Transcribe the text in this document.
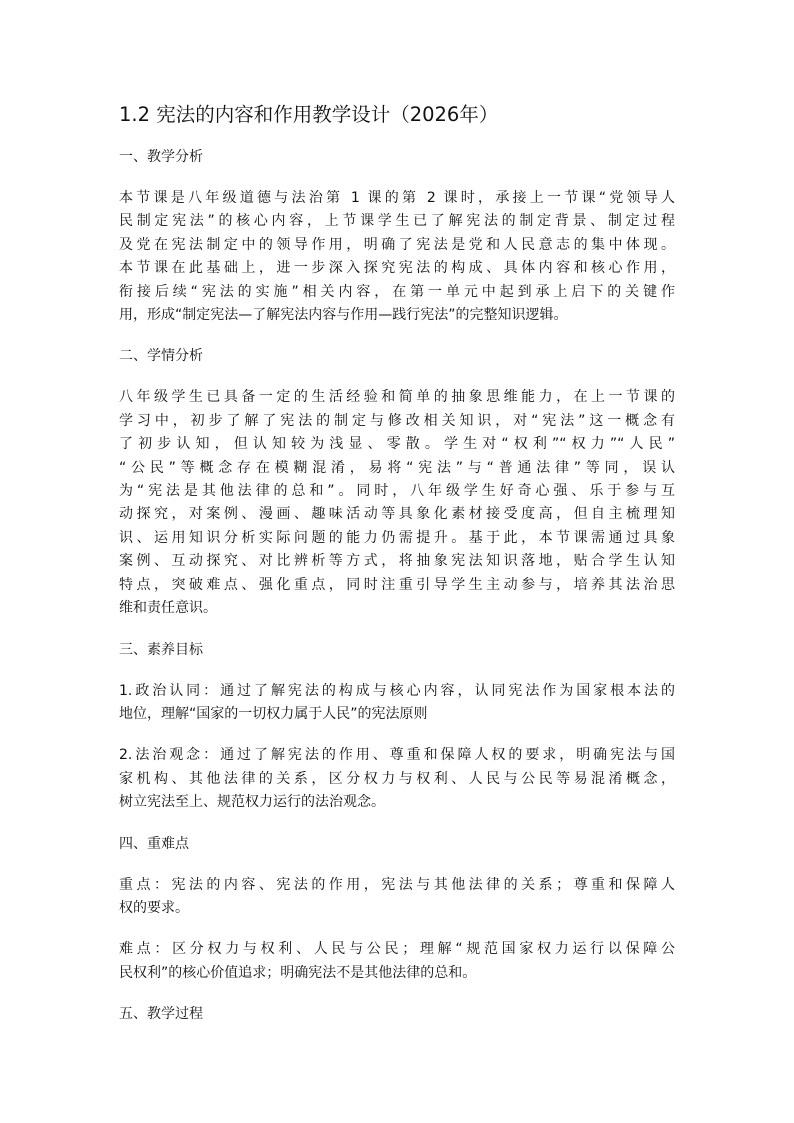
1.2 宪法的内容和作用教学设计（2026年）
一、教学分析
本节课是八年级道德与法治第 1 课的第 2 课时，承接上一节课“党领导人
民制定宪法”的核心内容，上节课学生已了解宪法的制定背景、制定过程
及党在宪法制定中的领导作用，明确了宪法是党和人民意志的集中体现。
本节课在此基础上，进一步深入探究宪法的构成、具体内容和核心作用，
衔接后续“宪法的实施”相关内容，在第一单元中起到承上启下的关键作
用，形成“制定宪法—了解宪法内容与作用—践行宪法”的完整知识逻辑。
二、学情分析
八年级学生已具备一定的生活经验和简单的抽象思维能力，在上一节课的
学习中，初步了解了宪法的制定与修改相关知识，对“宪法”这一概念有
了初步认知，但认知较为浅显、零散。学生对“权利”“权力”“人民”
“公民”等概念存在模糊混淆，易将“宪法”与“普通法律”等同，误认
为“宪法是其他法律的总和”。同时，八年级学生好奇心强、乐于参与互
动探究，对案例、漫画、趣味活动等具象化素材接受度高，但自主梳理知
识、运用知识分析实际问题的能力仍需提升。基于此，本节课需通过具象
案例、互动探究、对比辨析等方式，将抽象宪法知识落地，贴合学生认知
特点，突破难点、强化重点，同时注重引导学生主动参与，培养其法治思
维和责任意识。
三、素养目标
1.政治认同：通过了解宪法的构成与核心内容，认同宪法作为国家根本法的
地位，理解“国家的一切权力属于人民”的宪法原则
2.法治观念：通过了解宪法的作用、尊重和保障人权的要求，明确宪法与国
家机构、其他法律的关系，区分权力与权利、人民与公民等易混淆概念，
树立宪法至上、规范权力运行的法治观念。
四、重难点
重点：宪法的内容、宪法的作用，宪法与其他法律的关系；尊重和保障人
权的要求。
难点：区分权力与权利、人民与公民；理解“规范国家权力运行以保障公
民权利”的核心价值追求；明确宪法不是其他法律的总和。
五、教学过程
